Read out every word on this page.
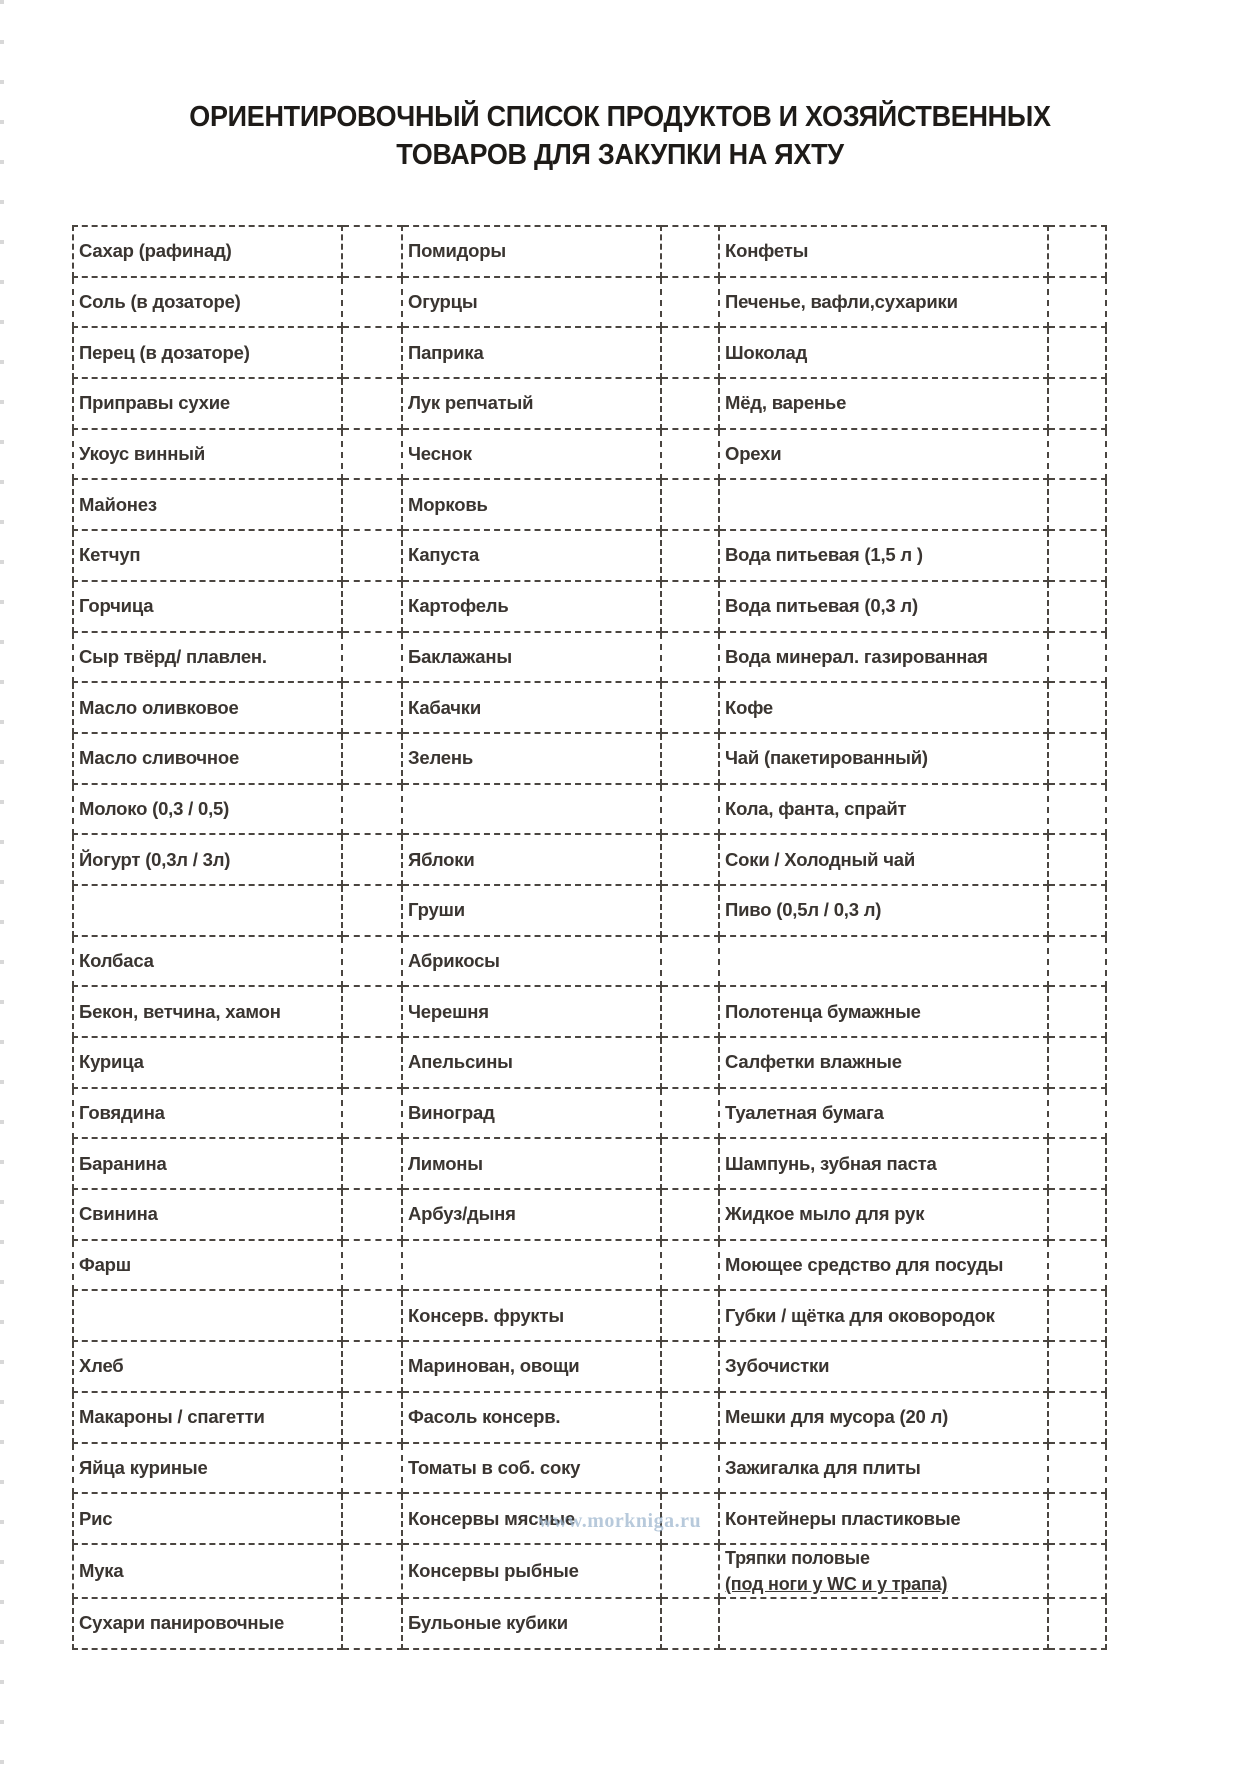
ОРИЕНТИРОВОЧНЫЙ СПИСОК ПРОДУКТОВ И ХОЗЯЙСТВЕННЫХ
ТОВАРОВ ДЛЯ ЗАКУПКИ НА ЯХТУ
Сахар (рафинад)		Помидоры		Конфеты	
Соль (в дозаторе)		Огурцы		Печенье, вафли,сухарики	
Перец (в дозаторе)		Паприка		Шоколад	
Приправы сухие		Лук репчатый		Мёд, варенье	
Укоус винный		Чеснок		Орехи	
Майонез		Морковь			
Кетчуп		Капуста		Вода питьевая (1,5 л )	
Горчица		Картофель		Вода питьевая (0,3 л)	
Сыр твёрд/ плавлен.		Баклажаны		Вода минерал. газированная	
Масло оливковое		Кабачки		Кофе	
Масло сливочное		Зелень		Чай (пакетированный)	
Молоко (0,3 / 0,5)				Кола, фанта, спрайт	
Йогурт (0,3л / 3л)		Яблоки		Соки / Холодный чай	
		Груши		Пиво (0,5л / 0,3 л)	
Колбаса		Абрикосы			
Бекон, ветчина, хамон		Черешня		Полотенца бумажные	
Курица		Апельсины		Салфетки влажные	
Говядина		Виноград		Туалетная бумага	
Баранина		Лимоны		Шампунь, зубная паста	
Свинина		Арбуз/дыня		Жидкое мыло для рук	
Фарш				Моющее средство для посуды	
		Консерв. фрукты		Губки / щётка для оковородок	
Хлеб		Маринован, овощи		Зубочистки	
Макароны / спагетти		Фасоль консерв.		Мешки для мусора (20 л)	
Яйца куриные		Томаты в соб. соку		Зажигалка для плиты	
Рис		Консервы мясные		Контейнеры пластиковые	
Мука		Консервы рыбные		Тряпки половые
(под ноги у WC и у трапа)	

Сухари панировочные		Бульоные кубики			
www.morkniga.ru
